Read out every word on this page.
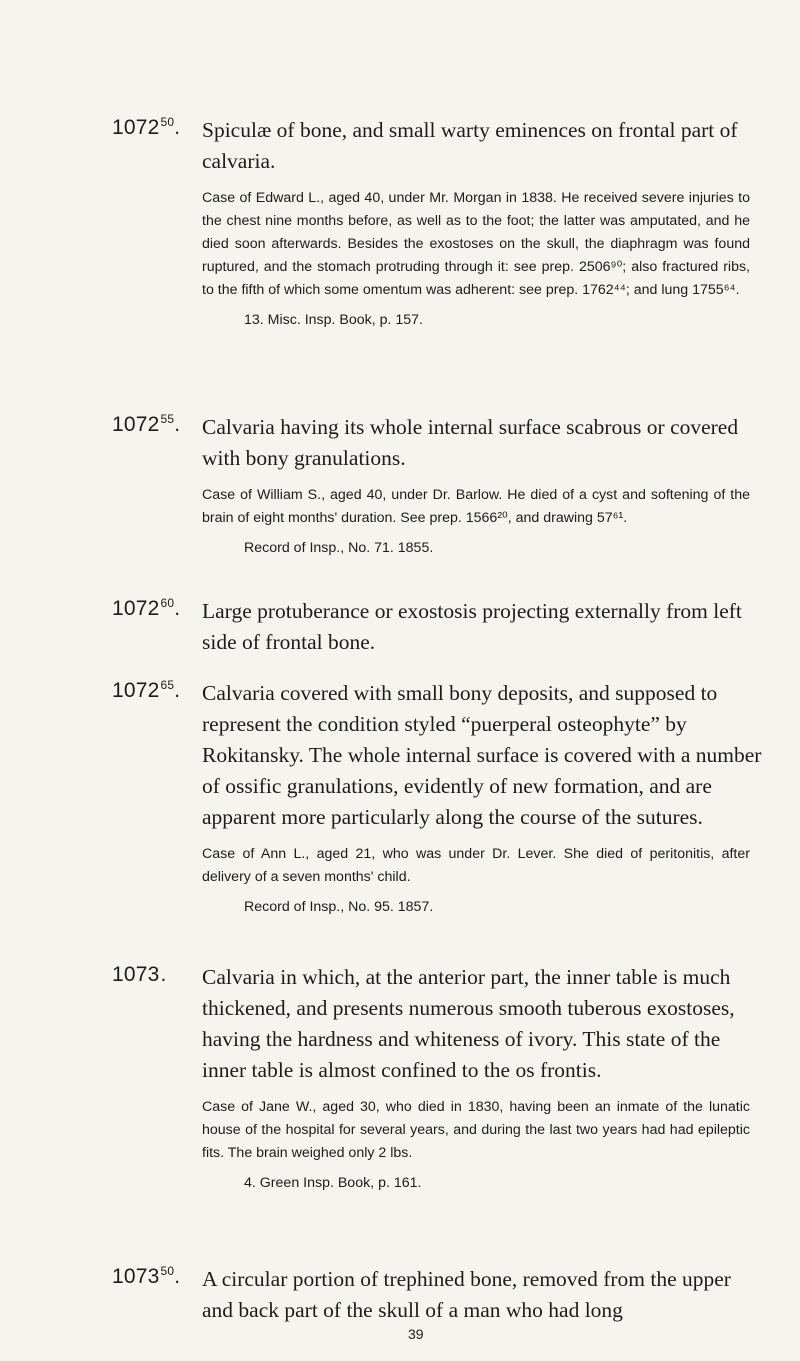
1072$^{50}$. Spiculæ of bone, and small warty eminences on frontal part of calvaria.

Case of Edward L., aged 40, under Mr. Morgan in 1838. He received severe injuries to the chest nine months before, as well as to the foot; the latter was amputated, and he died soon afterwards. Besides the exostoses on the skull, the diaphragm was found ruptured, and the stomach protruding through it: see prep. 2506⁹⁰; also fractured ribs, to the fifth of which some omentum was adherent: see prep. 1762⁴⁴; and lung 1755⁶⁴.

13. Misc. Insp. Book, p. 157.

1072$^{55}$. Calvaria having its whole internal surface scabrous or covered with bony granulations.

Case of William S., aged 40, under Dr. Barlow. He died of a cyst and softening of the brain of eight months' duration. See prep. 1566²⁰, and drawing 57⁶¹.

Record of Insp., No. 71. 1855.

1072$^{60}$. Large protuberance or exostosis projecting externally from left side of frontal bone.

1072$^{65}$. Calvaria covered with small bony deposits, and supposed to represent the condition styled “puerperal osteophyte” by Rokitansky. The whole internal surface is covered with a number of ossific granulations, evidently of new formation, and are apparent more particularly along the course of the sutures.

Case of Ann L., aged 21, who was under Dr. Lever. She died of peritonitis, after delivery of a seven months' child.

Record of Insp., No. 95. 1857.

1073. Calvaria in which, at the anterior part, the inner table is much thickened, and presents numerous smooth tuberous exostoses, having the hardness and whiteness of ivory. This state of the inner table is almost confined to the os frontis.

Case of Jane W., aged 30, who died in 1830, having been an inmate of the lunatic house of the hospital for several years, and during the last two years had had epileptic fits. The brain weighed only 2 lbs.

4. Green Insp. Book, p. 161.

1073$^{50}$. A circular portion of trephined bone, removed from the upper and back part of the skull of a man who had long

39
